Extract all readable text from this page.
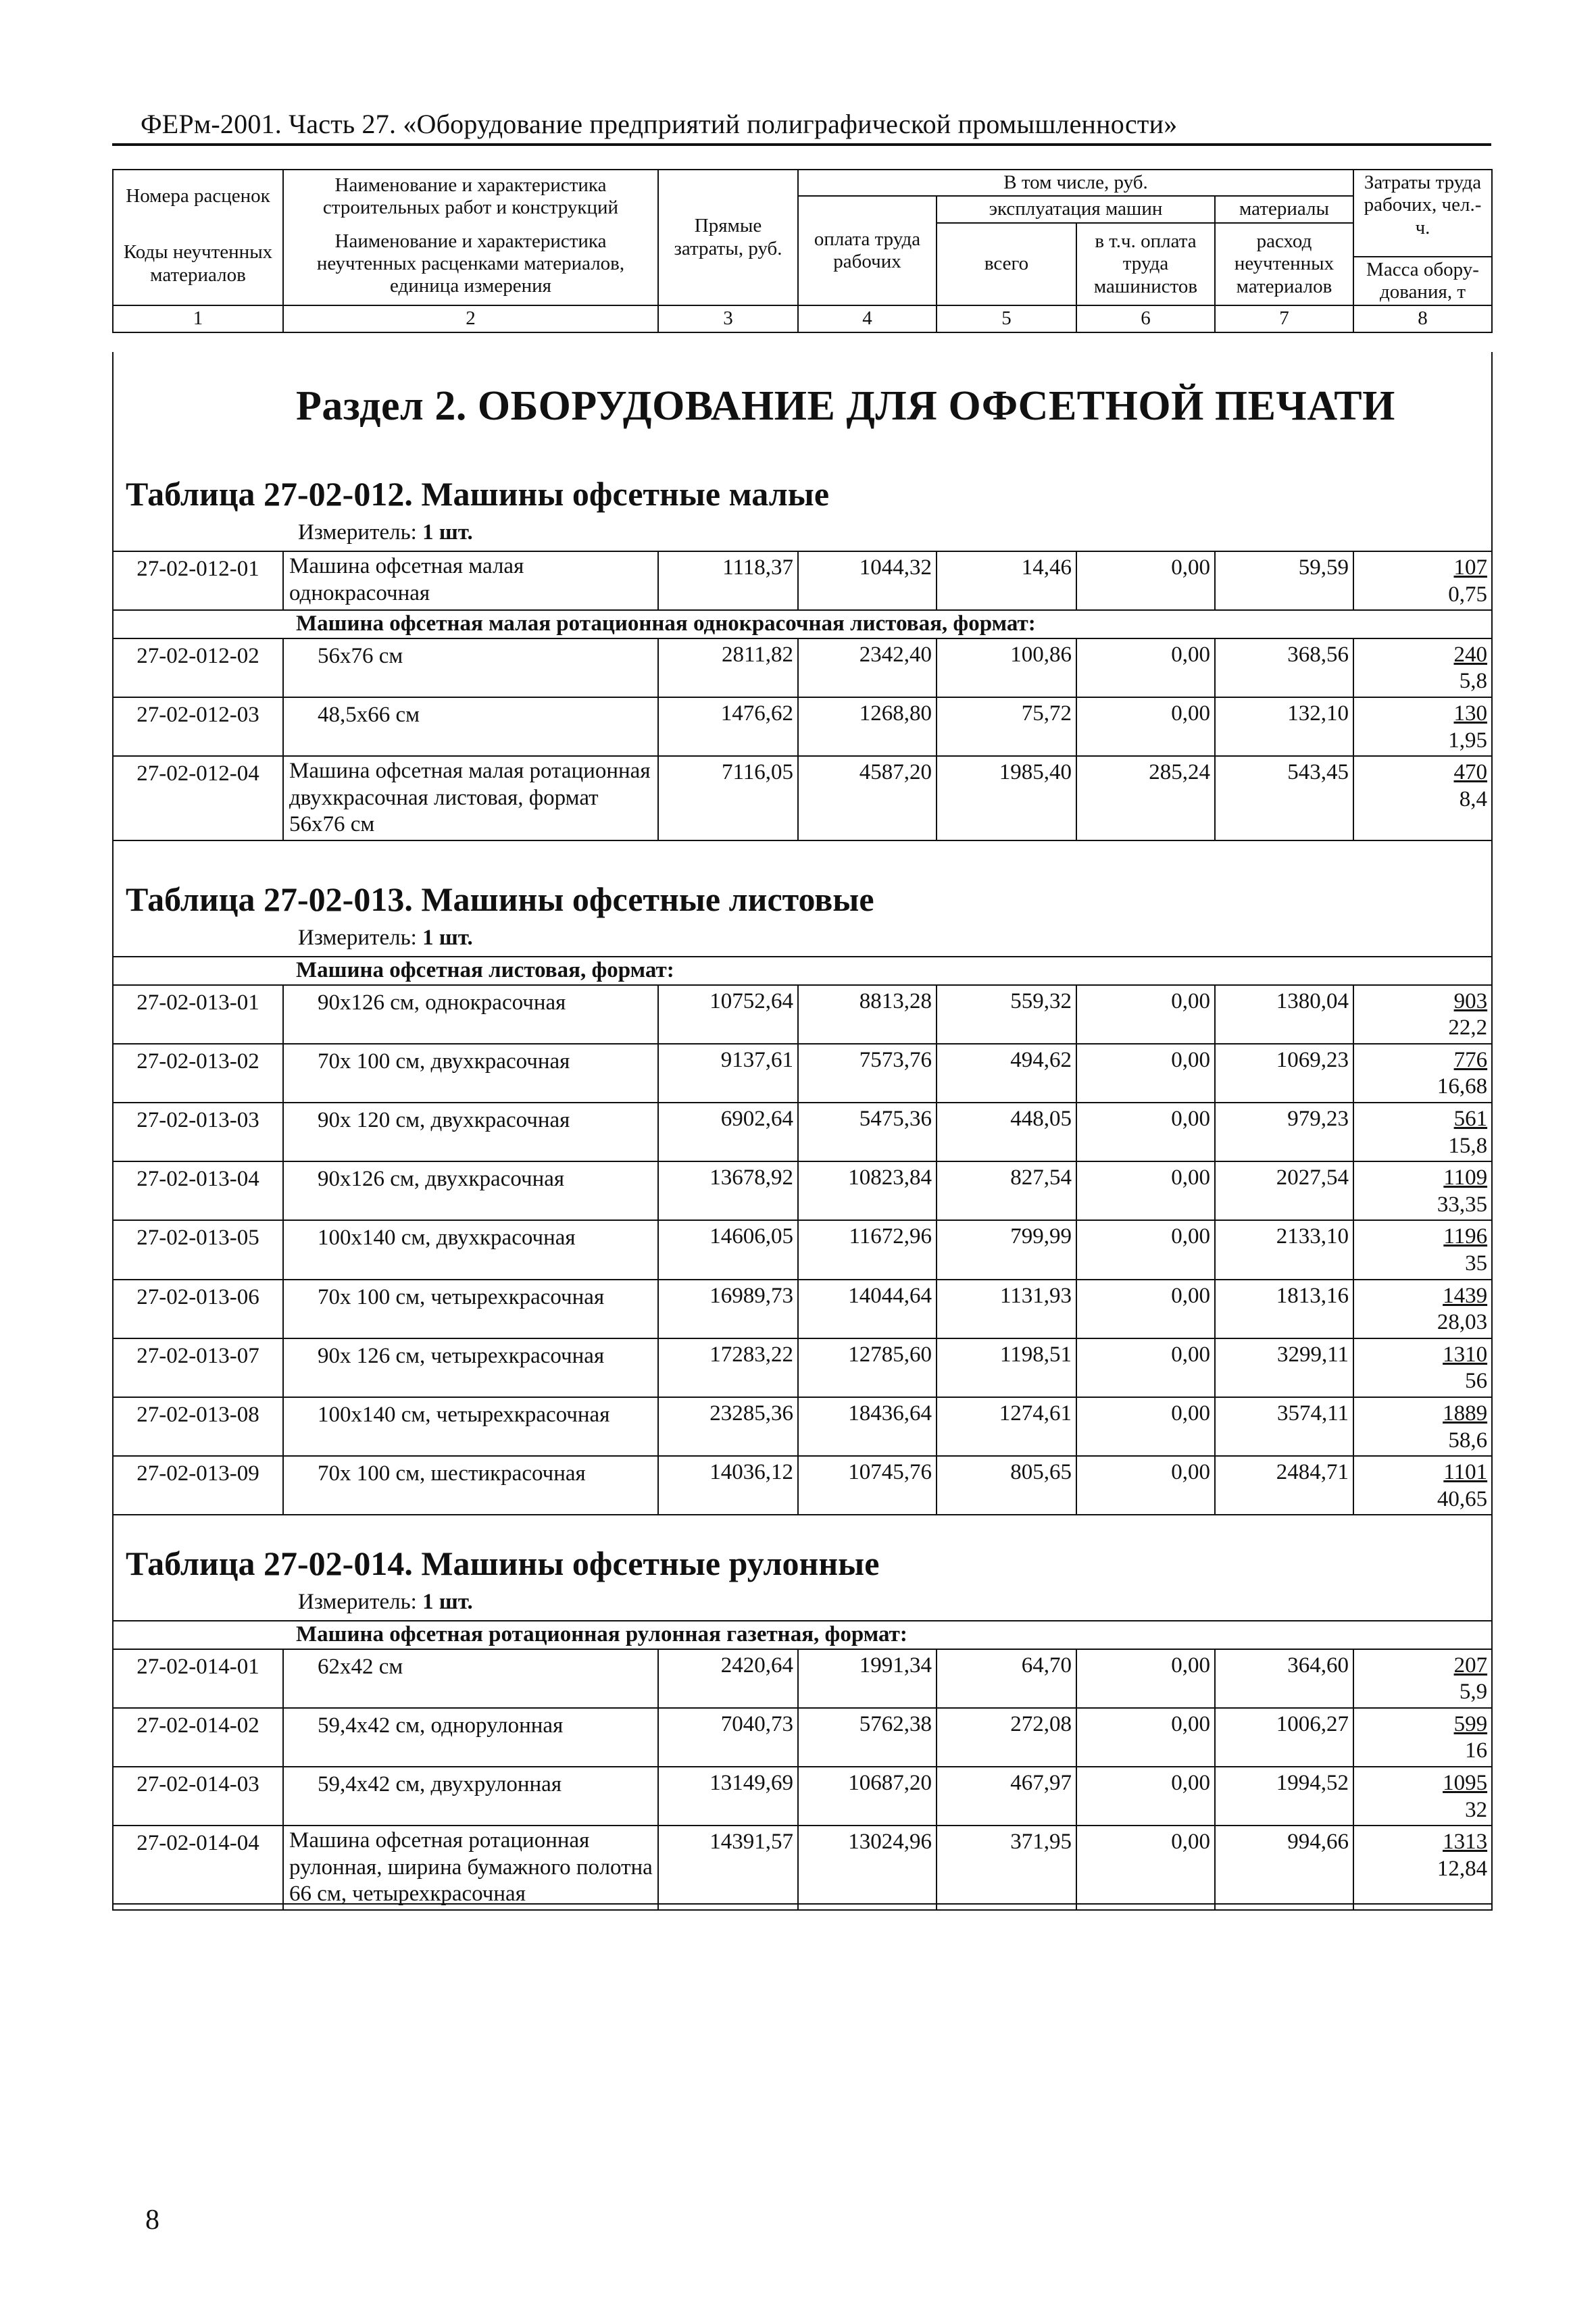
ФЕРм-2001. Часть 27. «Оборудование предприятий полиграфической промышленности»
Номера расценок	Наименование и характеристика строительных работ и конструкций	Прямые затраты, руб.	В том числе, руб.				Затраты труда рабочих, чел.-ч.
			оплата труда рабочих	эксплуатация машин		материалы	
Коды неучтенных материалов	Наименование и характеристика неучтенных расценками материалов, единица измерения			всего	в т.ч. оплата труда машинистов	расход неучтенных материалов	
							Масса обору-дования, т
1	2	3	4	5	6	7	8
Раздел 2. ОБОРУДОВАНИЕ ДЛЯ ОФСЕТНОЙ ПЕЧАТИ
Таблица 27-02-012. Машины офсетные малые
Измеритель: 1 шт.
27-02-012-01	Машина офсетная малая однокрасочная	1118,37	1044,32	14,46	0,00	59,59	107
0,75

Машина офсетная малая ротационная однокрасочная листовая, формат:							
27-02-012-02	56х76 см	2811,82	2342,40	100,86	0,00	368,56	240
5,8

27-02-012-03	48,5х66 см	1476,62	1268,80	75,72	0,00	132,10	130
1,95

27-02-012-04	Машина офсетная малая ротационная двухкрасочная листовая, формат 56х76 см	7116,05	4587,20	1985,40	285,24	543,45	470
8,4
Таблица 27-02-013. Машины офсетные листовые
Измеритель: 1 шт.
Машина офсетная листовая, формат:							
27-02-013-01	90х126 см, однокрасочная	10752,64	8813,28	559,32	0,00	1380,04	903
22,2

27-02-013-02	70х 100 см, двухкрасочная	9137,61	7573,76	494,62	0,00	1069,23	776
16,68

27-02-013-03	90х 120 см, двухкрасочная	6902,64	5475,36	448,05	0,00	979,23	561
15,8

27-02-013-04	90х126 см, двухкрасочная	13678,92	10823,84	827,54	0,00	2027,54	1109
33,35

27-02-013-05	100х140 см, двухкрасочная	14606,05	11672,96	799,99	0,00	2133,10	1196
35

27-02-013-06	70х 100 см, четырехкрасочная	16989,73	14044,64	1131,93	0,00	1813,16	1439
28,03

27-02-013-07	90х 126 см, четырехкрасочная	17283,22	12785,60	1198,51	0,00	3299,11	1310
56

27-02-013-08	100х140 см, четырехкрасочная	23285,36	18436,64	1274,61	0,00	3574,11	1889
58,6

27-02-013-09	70х 100 см, шестикрасочная	14036,12	10745,76	805,65	0,00	2484,71	1101
40,65
Таблица 27-02-014. Машины офсетные рулонные
Измеритель: 1 шт.
Машина офсетная ротационная рулонная газетная, формат:							
27-02-014-01	62х42 см	2420,64	1991,34	64,70	0,00	364,60	207
5,9

27-02-014-02	59,4х42 см, однорулонная	7040,73	5762,38	272,08	0,00	1006,27	599
16

27-02-014-03	59,4х42 см, двухрулонная	13149,69	10687,20	467,97	0,00	1994,52	1095
32

27-02-014-04	Машина офсетная ротационная рулонная, ширина бумажного полотна 66 см, четырехкрасочная	14391,57	13024,96	371,95	0,00	994,66	1313
12,84
8
